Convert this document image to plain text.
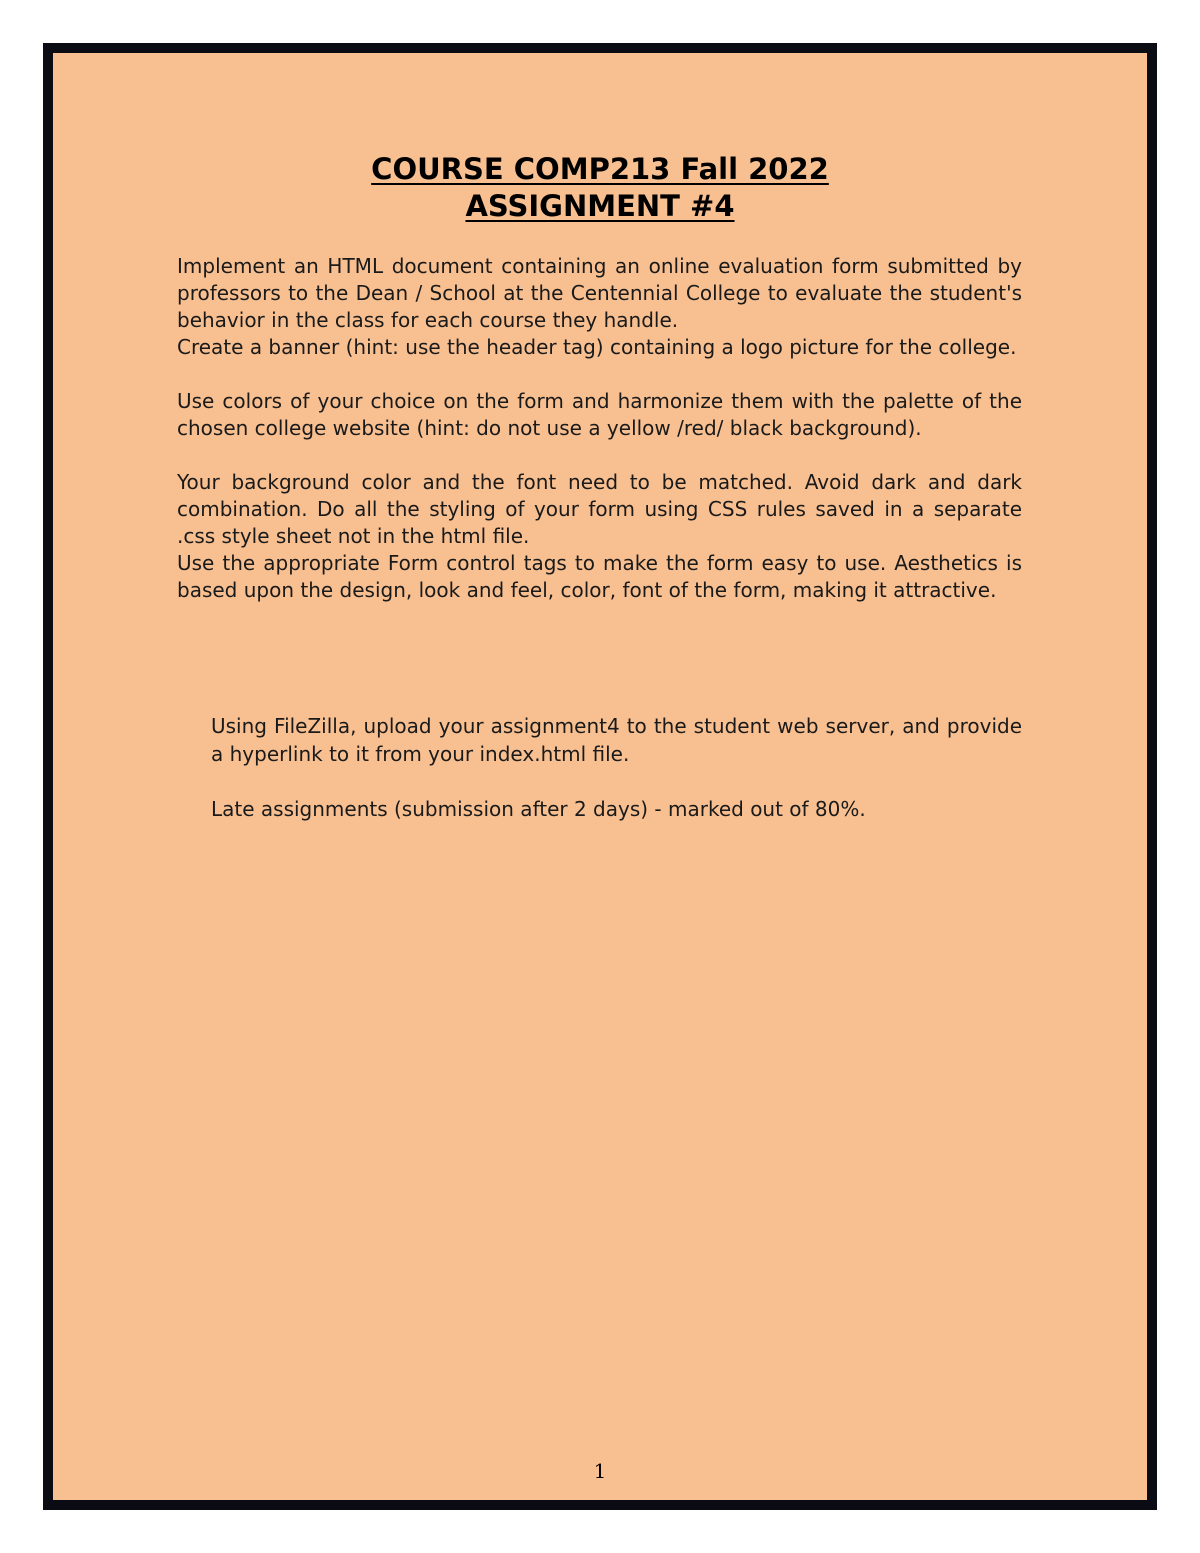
COURSE COMP213 Fall 2022
ASSIGNMENT #4

Implement an HTML document containing an online evaluation form submitted by professors to the Dean / School at the Centennial College to evaluate the student's behavior in the class for each course they handle.

Create a banner (hint: use the header tag) containing a logo picture for the college.

Use colors of your choice on the form and harmonize them with the palette of the chosen college website (hint: do not use a yellow /red/ black background).

Your background color and the font need to be matched. Avoid dark and dark combination. Do all the styling of your form using CSS rules saved in a separate .css style sheet not in the html file.

Use the appropriate Form control tags to make the form easy to use. Aesthetics is based upon the design, look and feel, color, font of the form, making it attractive.

Using FileZilla, upload your assignment4 to the student web server, and provide a hyperlink to it from your index.html file.

Late assignments (submission after 2 days) - marked out of 80%.

1
